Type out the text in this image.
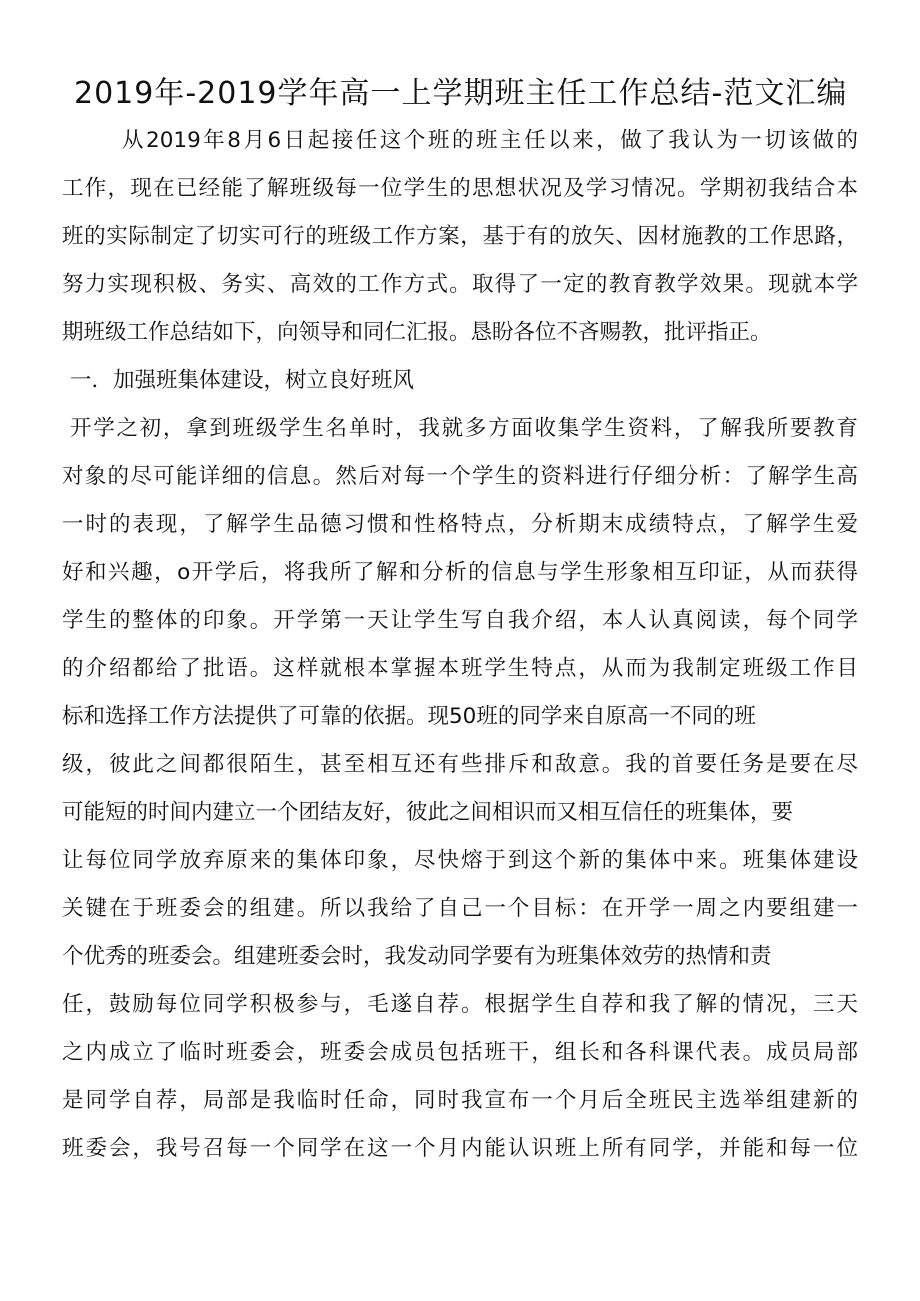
2019年-2019学年高一上学期班主任工作总结-范文汇编

从2019年8月6日起接任这个班的班主任以来，做了我认为一切该做的

工作，现在已经能了解班级每一位学生的思想状况及学习情况。学期初我结合本

班的实际制定了切实可行的班级工作方案，基于有的放矢、因材施教的工作思路，

努力实现积极、务实、高效的工作方式。取得了一定的教育教学效果。现就本学

期班级工作总结如下，向领导和同仁汇报。恳盼各位不吝赐教，批评指正。

一．加强班集体建设，树立良好班风

开学之初，拿到班级学生名单时，我就多方面收集学生资料，了解我所要教育

对象的尽可能详细的信息。然后对每一个学生的资料进行仔细分析：了解学生高

一时的表现，了解学生品德习惯和性格特点，分析期末成绩特点，了解学生爱

好和兴趣，o开学后，将我所了解和分析的信息与学生形象相互印证，从而获得

学生的整体的印象。开学第一天让学生写自我介绍，本人认真阅读，每个同学

的介绍都给了批语。这样就根本掌握本班学生特点，从而为我制定班级工作目

标和选择工作方法提供了可靠的依据。现50班的同学来自原高一不同的班

级，彼此之间都很陌生，甚至相互还有些排斥和敌意。我的首要任务是要在尽

可能短的时间内建立一个团结友好，彼此之间相识而又相互信任的班集体，要

让每位同学放弃原来的集体印象，尽快熔于到这个新的集体中来。班集体建设

关键在于班委会的组建。所以我给了自己一个目标：在开学一周之内要组建一

个优秀的班委会。组建班委会时，我发动同学要有为班集体效劳的热情和责

任，鼓励每位同学积极参与，毛遂自荐。根据学生自荐和我了解的情况，三天

之内成立了临时班委会，班委会成员包括班干，组长和各科课代表。成员局部

是同学自荐，局部是我临时任命，同时我宣布一个月后全班民主选举组建新的

班委会，我号召每一个同学在这一个月内能认识班上所有同学，并能和每一位
